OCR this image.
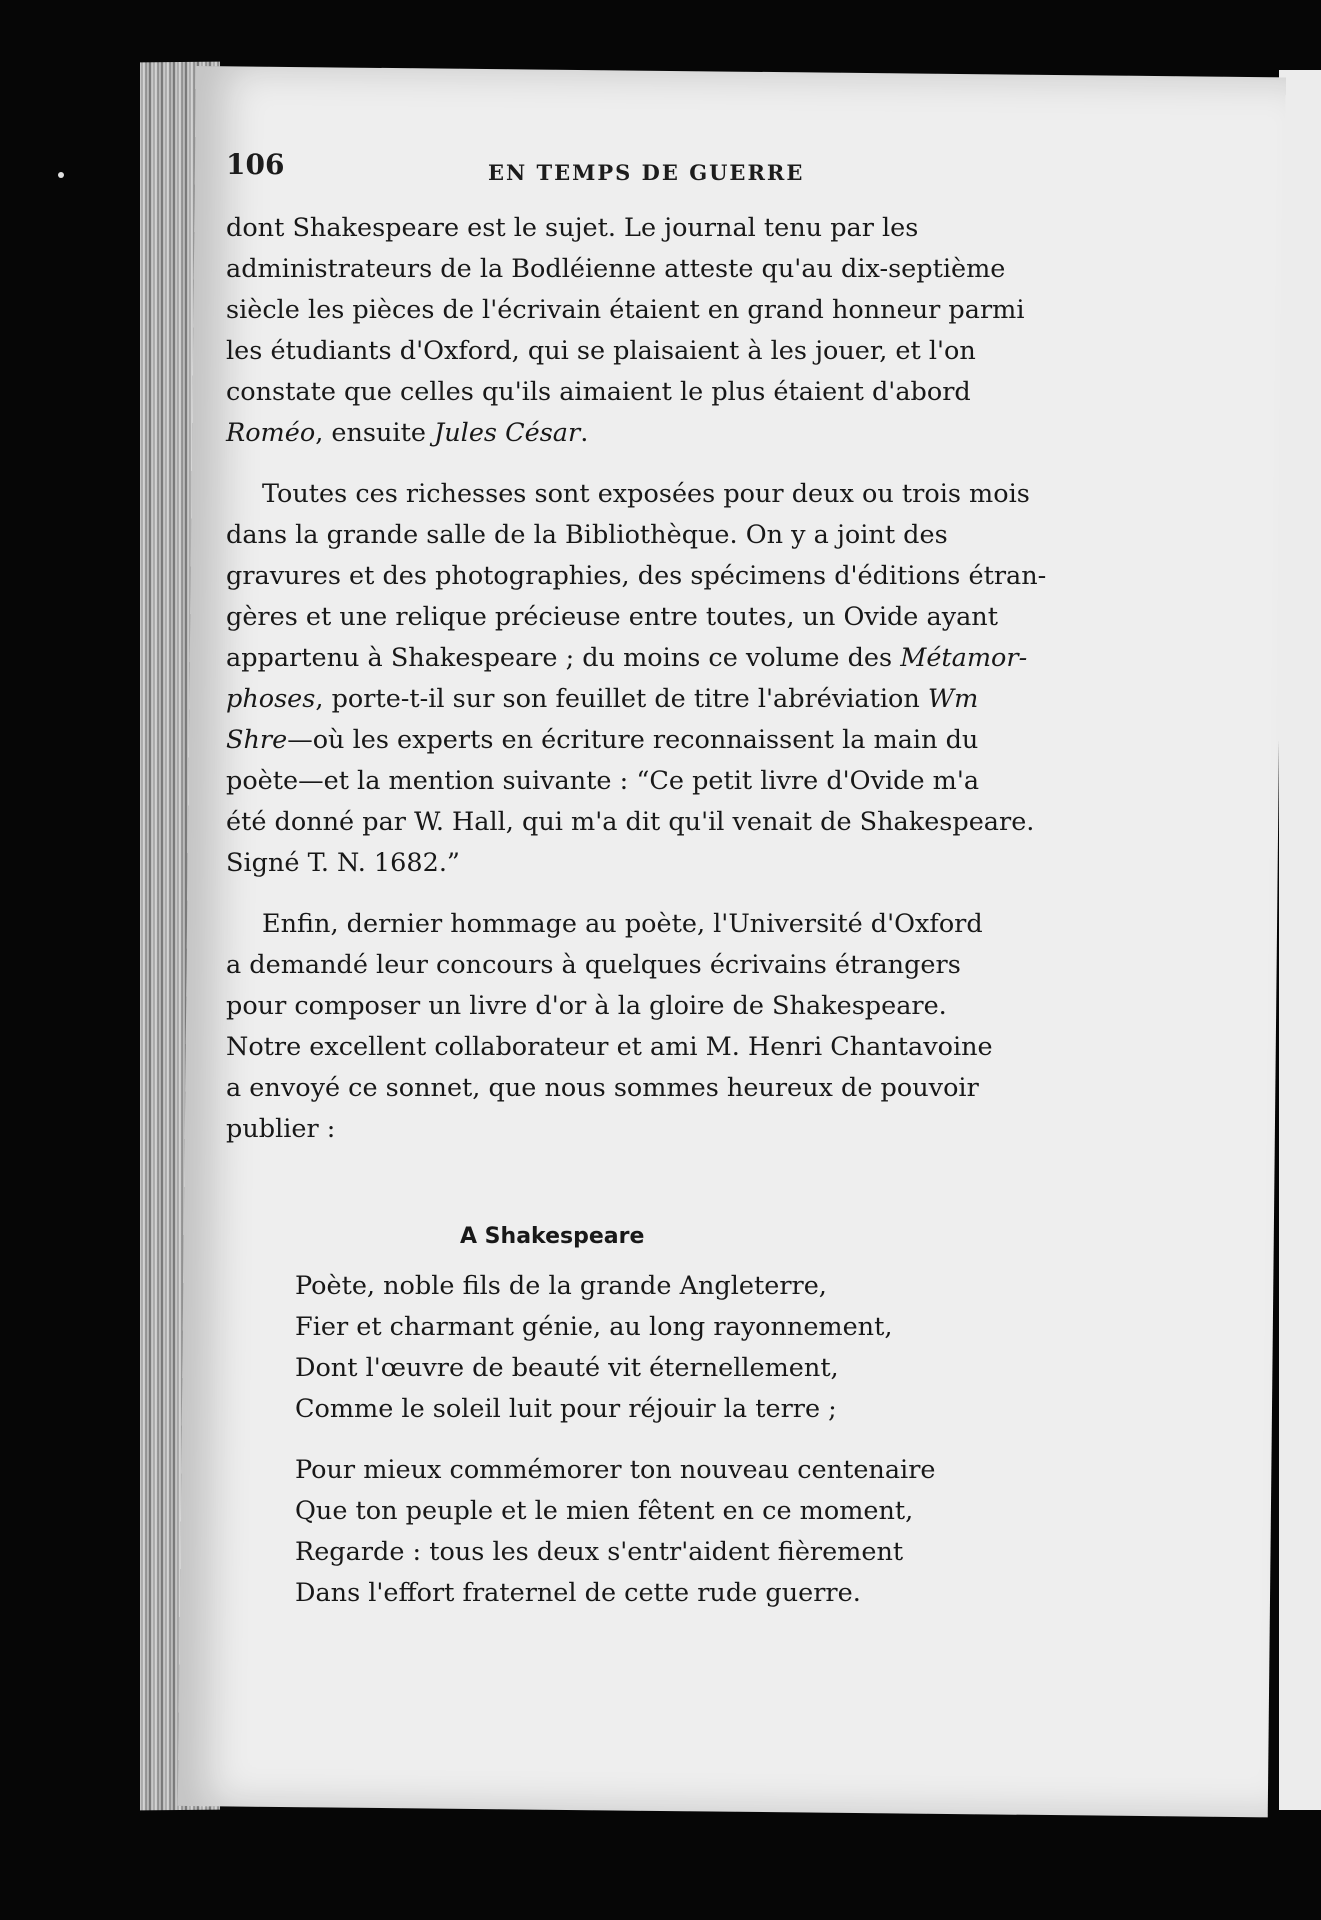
106	EN TEMPS DE GUERRE
dont Shakespeare est le sujet. Le journal tenu par les
administrateurs de la Bodléienne atteste qu'au dix-septième
siècle les pièces de l'écrivain étaient en grand honneur parmi
les étudiants d'Oxford, qui se plaisaient à les jouer, et l'on
constate que celles qu'ils aimaient le plus étaient d'abord
Roméo, ensuite Jules César.
Toutes ces richesses sont exposées pour deux ou trois mois
dans la grande salle de la Bibliothèque. On y a joint des
gravures et des photographies, des spécimens d'éditions étran-
gères et une relique précieuse entre toutes, un Ovide ayant
appartenu à Shakespeare ; du moins ce volume des Métamor-
phoses, porte-t-il sur son feuillet de titre l'abréviation Wm
Shre—où les experts en écriture reconnaissent la main du
poète—et la mention suivante : “Ce petit livre d'Ovide m'a
été donné par W. Hall, qui m'a dit qu'il venait de Shakespeare.
Signé T. N. 1682.”
Enfin, dernier hommage au poète, l'Université d'Oxford
a demandé leur concours à quelques écrivains étrangers
pour composer un livre d'or à la gloire de Shakespeare.
Notre excellent collaborateur et ami M. Henri Chantavoine
a envoyé ce sonnet, que nous sommes heureux de pouvoir
publier :
A Shakespeare
Poète, noble fils de la grande Angleterre,
Fier et charmant génie, au long rayonnement,
Dont l'œuvre de beauté vit éternellement,
Comme le soleil luit pour réjouir la terre ;
Pour mieux commémorer ton nouveau centenaire
Que ton peuple et le mien fêtent en ce moment,
Regarde : tous les deux s'entr'aident fièrement
Dans l'effort fraternel de cette rude guerre.
